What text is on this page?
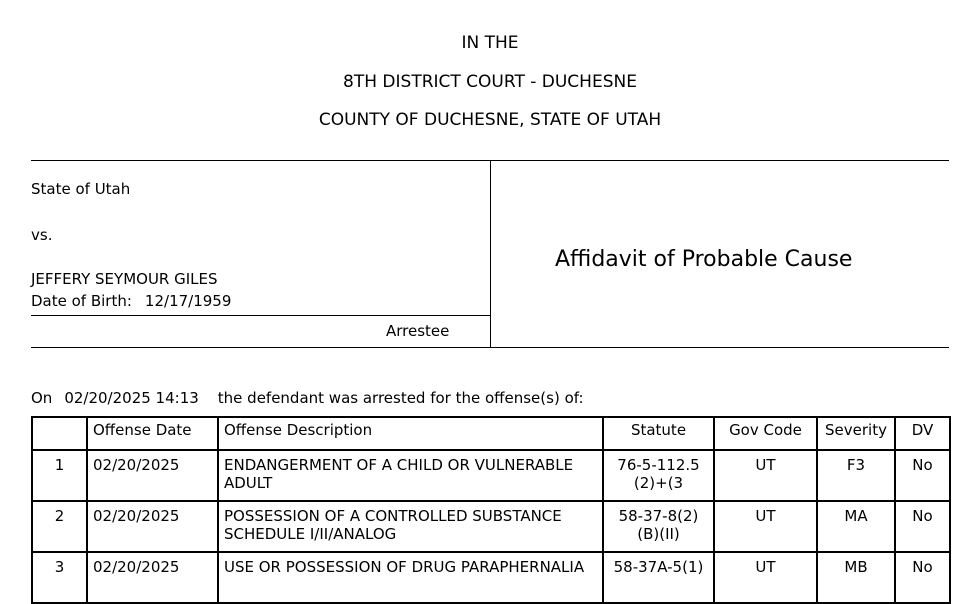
IN THE
8TH DISTRICT COURT - DUCHESNE
COUNTY OF DUCHESNE, STATE OF UTAH
State of Utah
vs.
JEFFERY SEYMOUR GILES
Date of Birth: 12/17/1959
Arrestee
Affidavit of Probable Cause
On 02/20/2025 14:13 the defendant was arrested for the offense(s) of:
	Offense Date	Offense Description	Statute	Gov Code	Severity	DV
1	02/20/2025	ENDANGERMENT OF A CHILD OR VULNERABLE ADULT	76-5-112.5(2)+(3	UT	F3	No
2	02/20/2025	POSSESSION OF A CONTROLLED SUBSTANCE SCHEDULE I/II/ANALOG	58-37-8(2)(B)(II)	UT	MA	No
3	02/20/2025	USE OR POSSESSION OF DRUG PARAPHERNALIA	58-37A-5(1)	UT	MB	No
